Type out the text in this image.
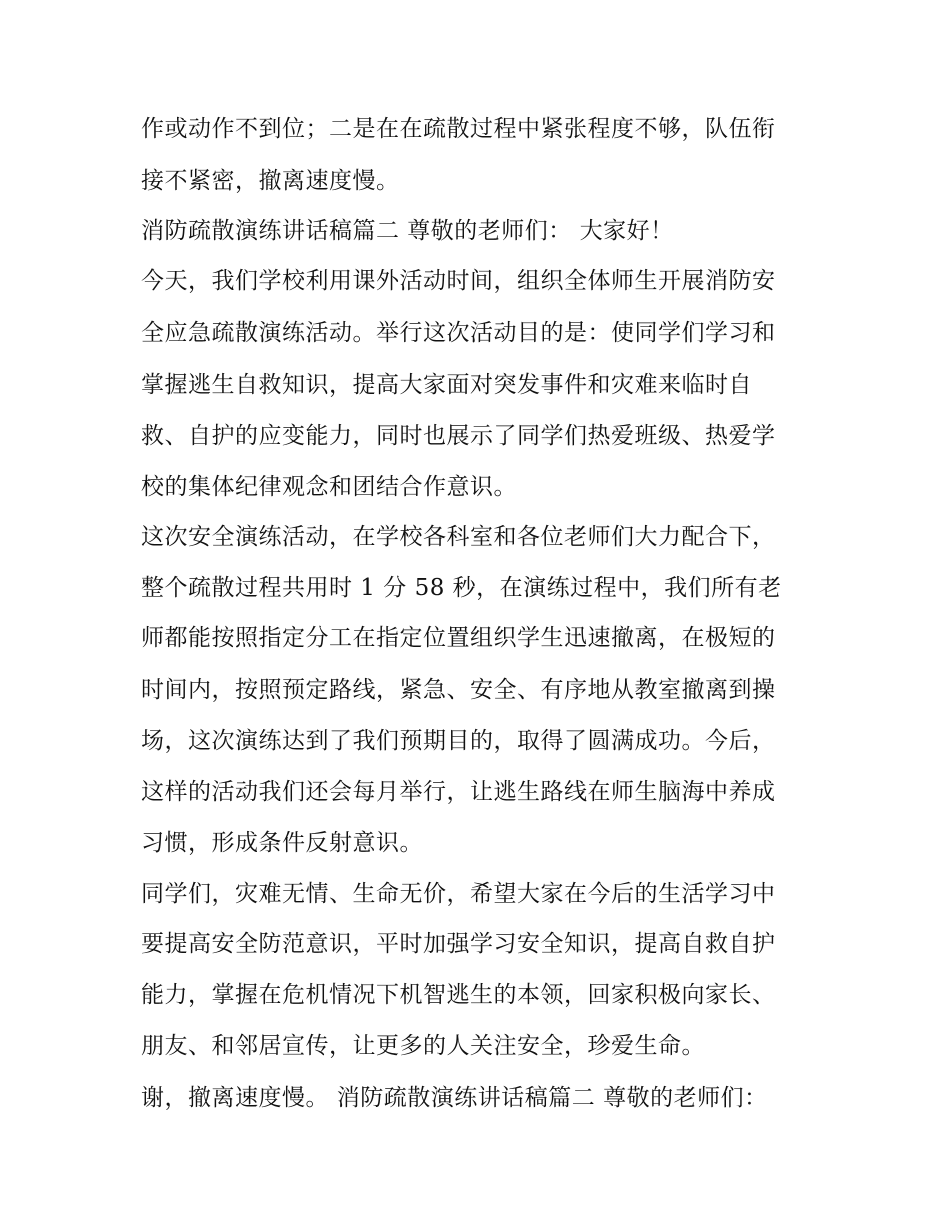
作或动作不到位；二是在在疏散过程中紧张程度不够，队伍衔

接不紧密，撤离速度慢。

消防疏散演练讲话稿篇二 尊敬的老师们： 大家好！

今天，我们学校利用课外活动时间，组织全体师生开展消防安

全应急疏散演练活动。举行这次活动目的是：使同学们学习和

掌握逃生自救知识，提高大家面对突发事件和灾难来临时自

救、自护的应变能力，同时也展示了同学们热爱班级、热爱学

校的集体纪律观念和团结合作意识。

这次安全演练活动，在学校各科室和各位老师们大力配合下，

整个疏散过程共用时 1 分 58 秒，在演练过程中，我们所有老

师都能按照指定分工在指定位置组织学生迅速撤离，在极短的

时间内，按照预定路线，紧急、安全、有序地从教室撤离到操

场，这次演练达到了我们预期目的，取得了圆满成功。今后，

这样的活动我们还会每月举行，让逃生路线在师生脑海中养成

习惯，形成条件反射意识。

同学们，灾难无情、生命无价，希望大家在今后的生活学习中

要提高安全防范意识，平时加强学习安全知识，提高自救自护

能力，掌握在危机情况下机智逃生的本领，回家积极向家长、

朋友、和邻居宣传，让更多的人关注安全，珍爱生命。

谢，撤离速度慢。 消防疏散演练讲话稿篇二 尊敬的老师们：
